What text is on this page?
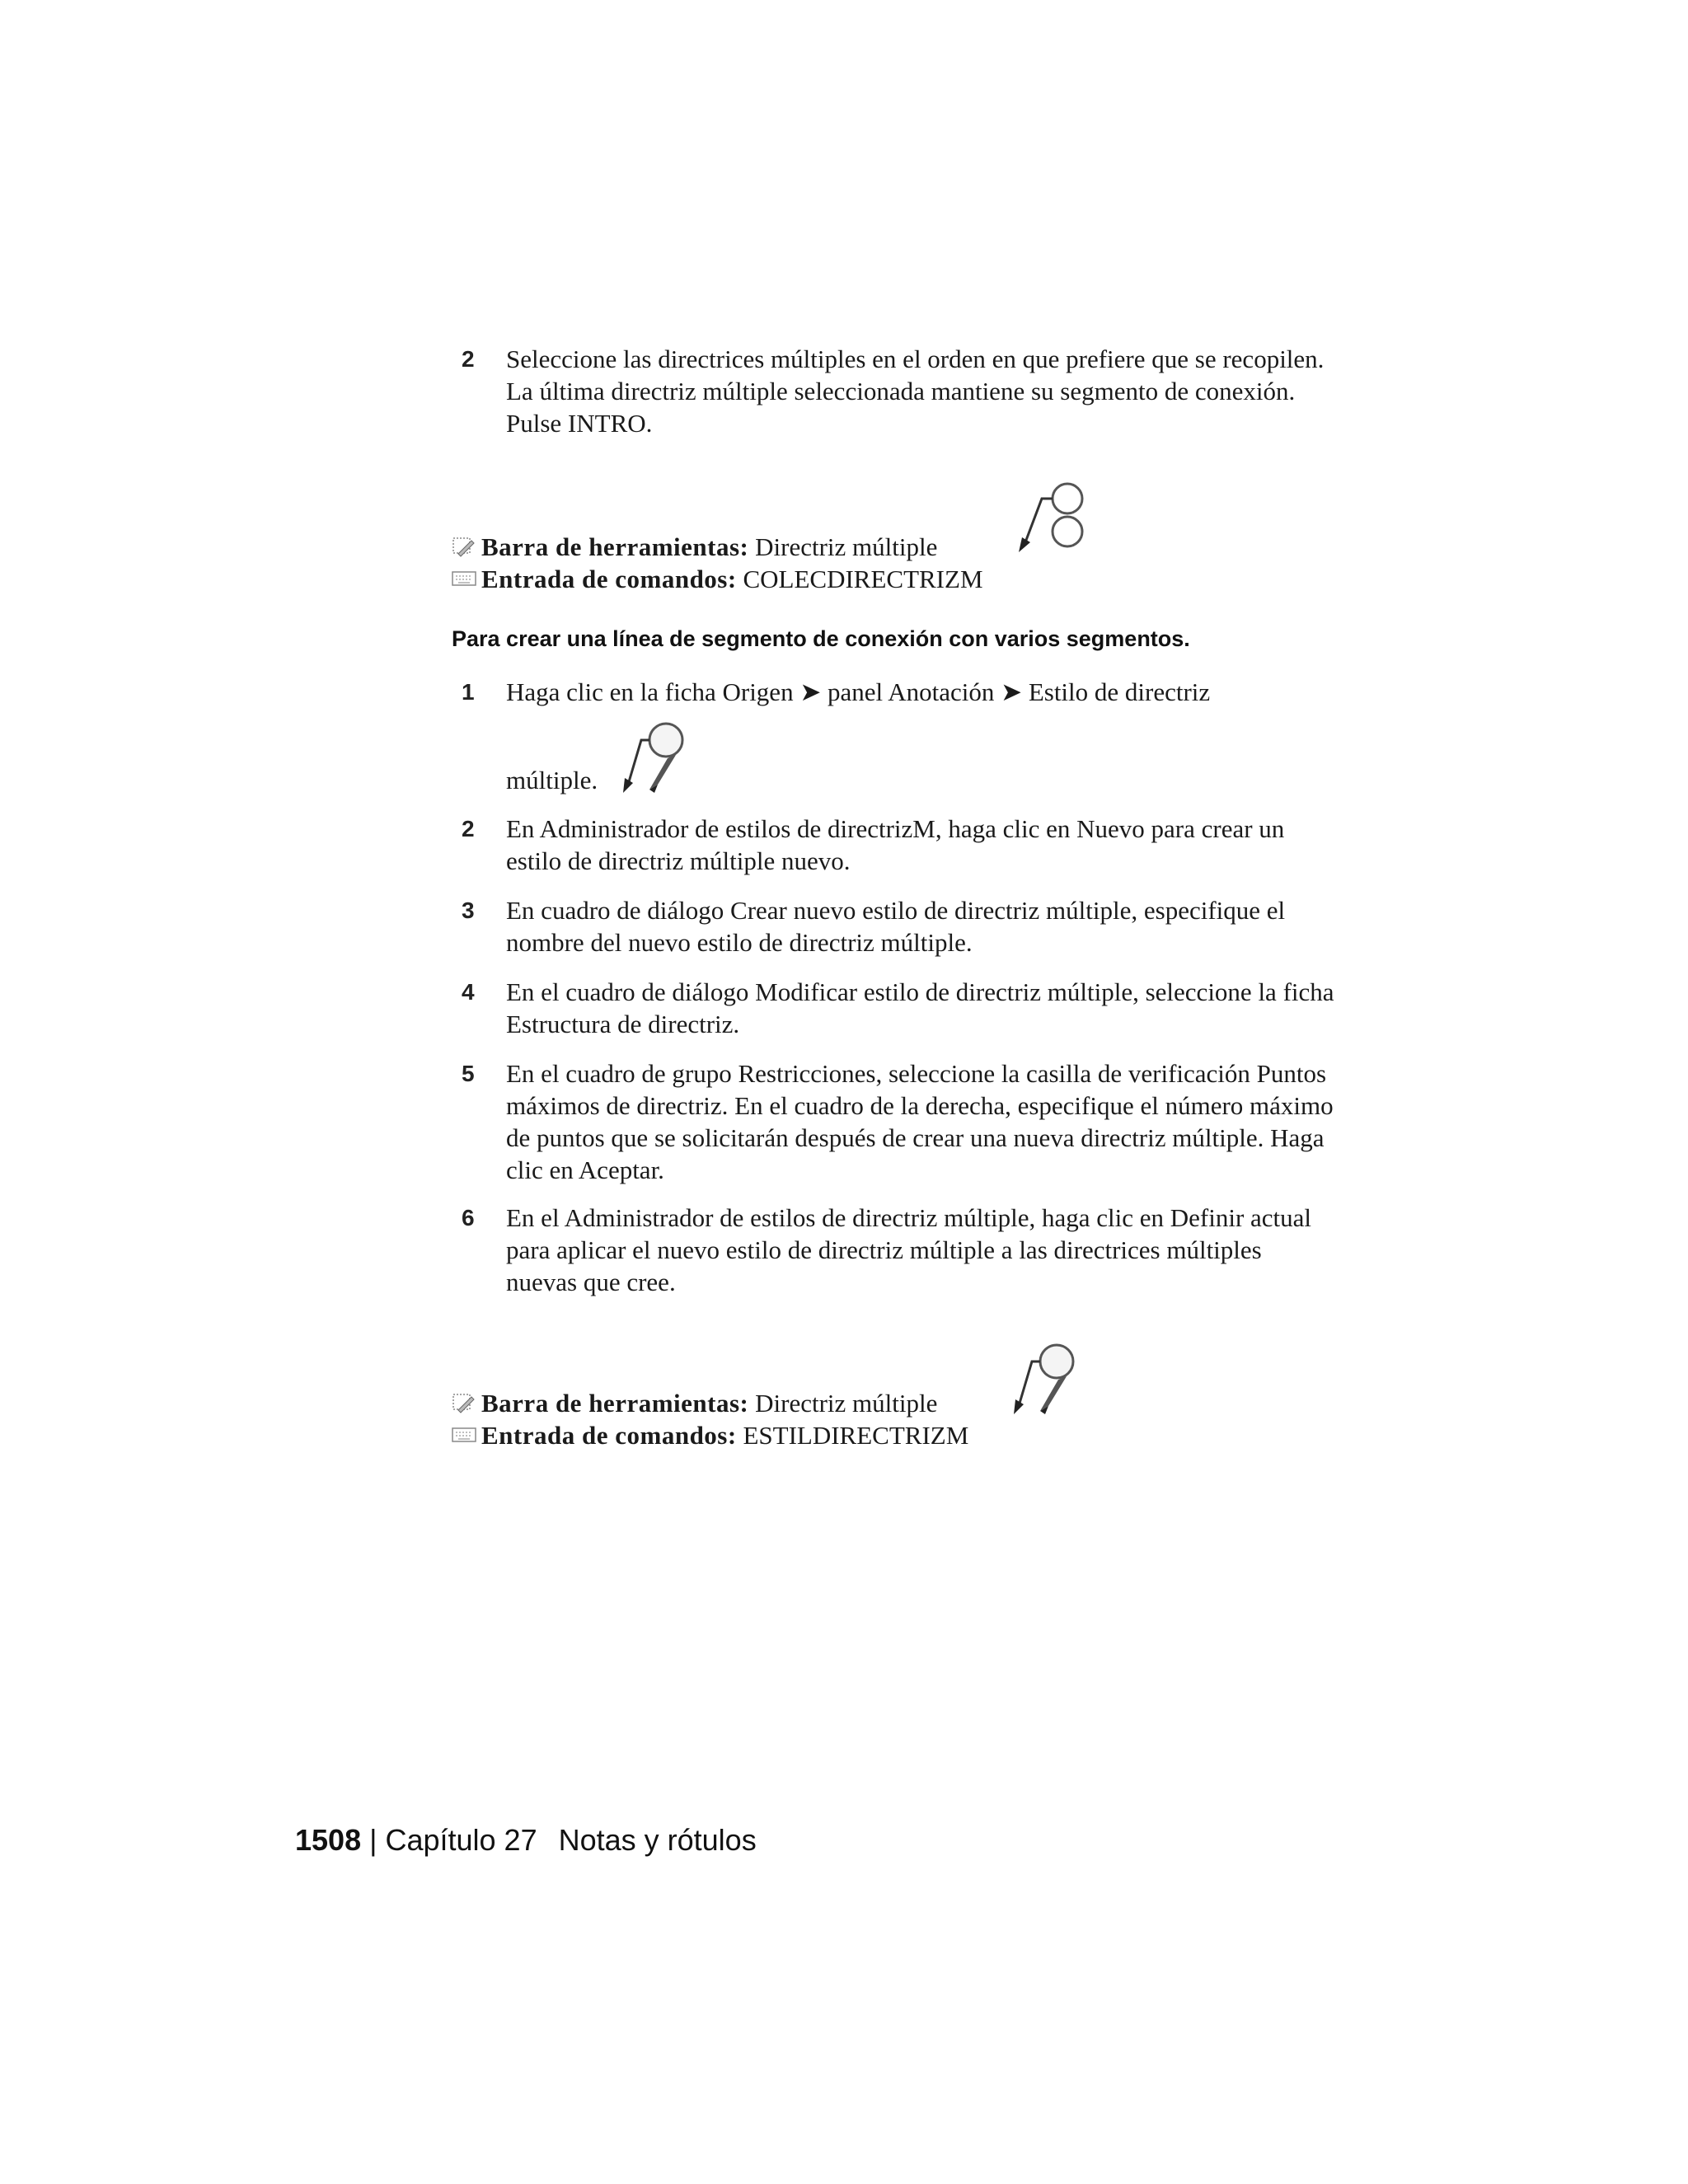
2 Seleccione las directrices múltiples en el orden en que prefiere que se recopilen. La última directriz múltiple seleccionada mantiene su segmento de conexión. Pulse INTRO.
Barra de herramientas: Directriz múltiple
Entrada de comandos: COLECDIRECTRIZM
Para crear una línea de segmento de conexión con varios segmentos.
1 Haga clic en la ficha Origen ➤ panel Anotación ➤ Estilo de directriz
múltiple.
2 En Administrador de estilos de directrizM, haga clic en Nuevo para crear un estilo de directriz múltiple nuevo.
3 En cuadro de diálogo Crear nuevo estilo de directriz múltiple, especifique el nombre del nuevo estilo de directriz múltiple.
4 En el cuadro de diálogo Modificar estilo de directriz múltiple, seleccione la ficha Estructura de directriz.
5 En el cuadro de grupo Restricciones, seleccione la casilla de verificación Puntos máximos de directriz. En el cuadro de la derecha, especifique el número máximo de puntos que se solicitarán después de crear una nueva directriz múltiple. Haga clic en Aceptar.
6 En el Administrador de estilos de directriz múltiple, haga clic en Definir actual para aplicar el nuevo estilo de directriz múltiple a las directrices múltiples nuevas que cree.
Barra de herramientas: Directriz múltiple
Entrada de comandos: ESTILDIRECTRIZM
1508 | Capítulo 27 Notas y rótulos
